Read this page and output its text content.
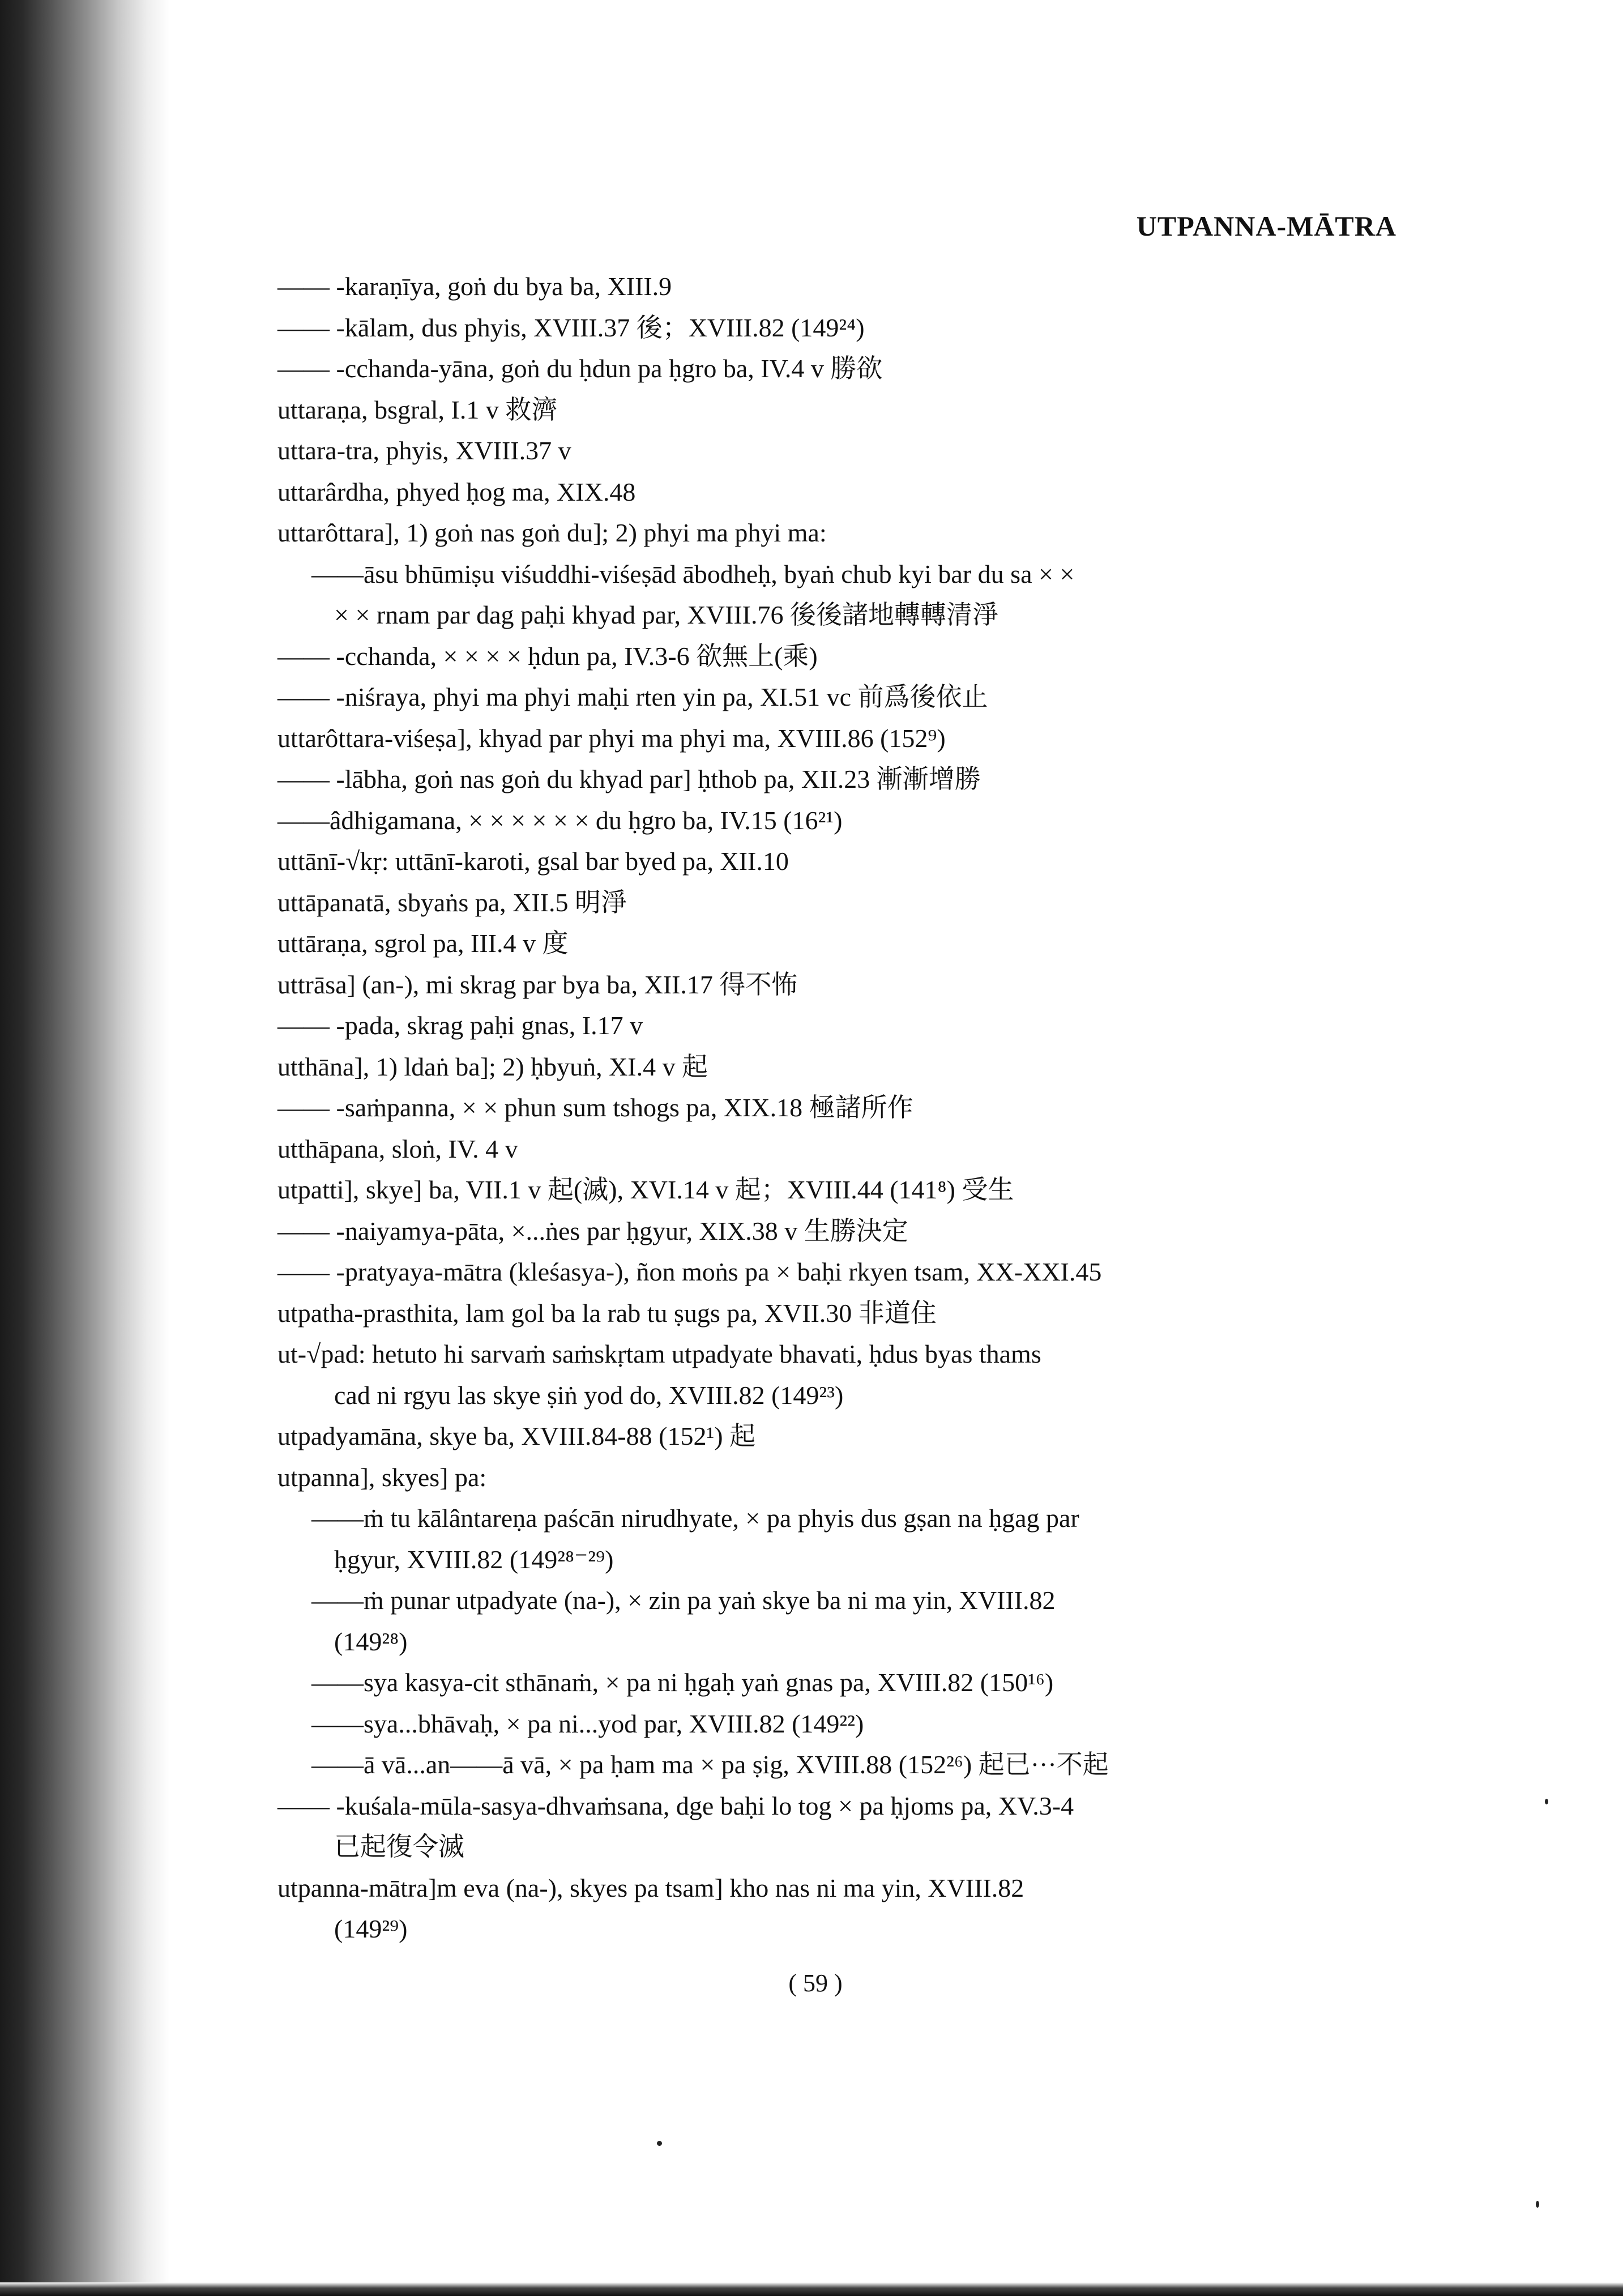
UTPANNA-MĀTRA
—— -karaṇīya, goṅ du bya ba, XIII.9
—— -kālam, dus phyis, XVIII.37 後；XVIII.82 (149²⁴)
—— -cchanda-yāna, goṅ du ḥdun pa ḥgro ba, IV.4 v 勝欲
uttaraṇa, bsgral, I.1 v 救濟
uttara-tra, phyis, XVIII.37 v
uttarârdha, phyed ḥog ma, XIX.48
uttarôttara], 1) goṅ nas goṅ du]; 2) phyi ma phyi ma:
——āsu bhūmiṣu viśuddhi-viśeṣād ābodheḥ, byaṅ chub kyi bar du sa × ×
× × rnam par dag paḥi khyad par, XVIII.76 後後諸地轉轉清淨
—— -cchanda, × × × × ḥdun pa, IV.3-6 欲無上(乘)
—— -niśraya, phyi ma phyi maḥi rten yin pa, XI.51 vc 前爲後依止
uttarôttara-viśeṣa], khyad par phyi ma phyi ma, XVIII.86 (152⁹)
—— -lābha, goṅ nas goṅ du khyad par] ḥthob pa, XII.23 漸漸增勝
——âdhigamana, × × × × × × du ḥgro ba, IV.15 (16²¹)
uttānī-√kṛ: uttānī-karoti, gsal bar byed pa, XII.10
uttāpanatā, sbyaṅs pa, XII.5 明淨
uttāraṇa, sgrol pa, III.4 v 度
uttrāsa] (an-), mi skrag par bya ba, XII.17 得不怖
—— -pada, skrag paḥi gnas, I.17 v
utthāna], 1) ldaṅ ba]; 2) ḥbyuṅ, XI.4 v 起
—— -saṁpanna, × × phun sum tshogs pa, XIX.18 極諸所作
utthāpana, sloṅ, IV. 4 v
utpatti], skye] ba, VII.1 v 起(滅), XVI.14 v 起；XVIII.44 (141⁸) 受生
—— -naiyamya-pāta, ×...ṅes par ḥgyur, XIX.38 v 生勝決定
—— -pratyaya-mātra (kleśasya-), ñon moṅs pa × baḥi rkyen tsam, XX-XXI.45
utpatha-prasthita, lam gol ba la rab tu ṣugs pa, XVII.30 非道住
ut-√pad: hetuto hi sarvaṁ saṁskṛtam utpadyate bhavati, ḥdus byas thams
cad ni rgyu las skye ṣiṅ yod do, XVIII.82 (149²³)
utpadyamāna, skye ba, XVIII.84-88 (152¹) 起
utpanna], skyes] pa:
——ṁ tu kālântareṇa paścān nirudhyate, × pa phyis dus gṣan na ḥgag par
ḥgyur, XVIII.82 (149²⁸⁻²⁹)
——ṁ punar utpadyate (na-), × zin pa yaṅ skye ba ni ma yin, XVIII.82
(149²⁸)
——sya kasya-cit sthānaṁ, × pa ni ḥgaḥ yaṅ gnas pa, XVIII.82 (150¹⁶)
——sya...bhāvaḥ, × pa ni...yod par, XVIII.82 (149²²)
——ā vā...an——ā vā, × pa ḥam ma × pa ṣig, XVIII.88 (152²⁶) 起已···不起
—— -kuśala-mūla-sasya-dhvaṁsana, dge baḥi lo tog × pa ḥjoms pa, XV.3-4
已起復令滅
utpanna-mātra]m eva (na-), skyes pa tsam] kho nas ni ma yin, XVIII.82
(149²⁹)
( 59 )
